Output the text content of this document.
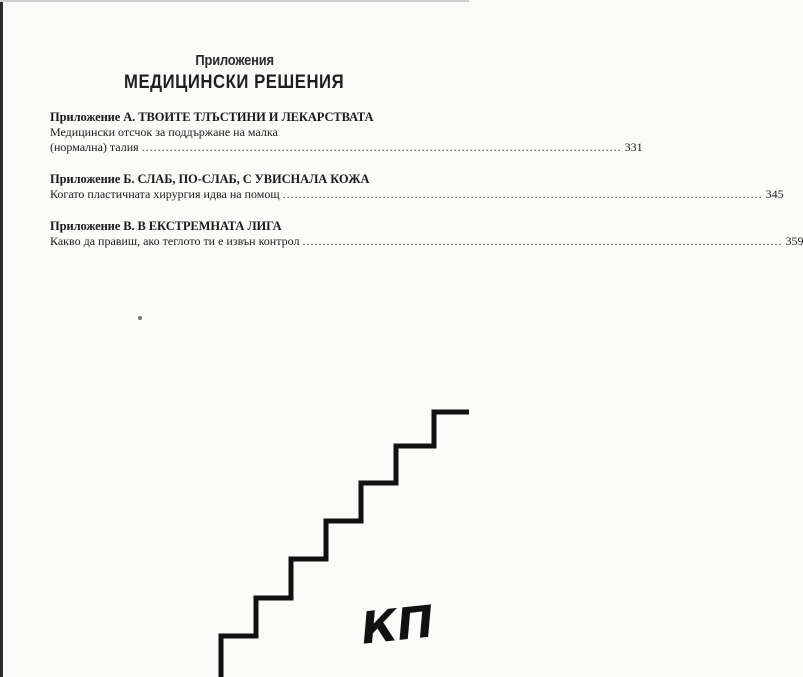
Приложения
МЕДИЦИНСКИ РЕШЕНИЯ
Приложение А. ТВОИТЕ ТЛЪСТИНИ И ЛЕКАРСТВАТА
Медицински отсчок за поддържане на малка
(нормална) талия ........................................................................................................................ 331
Приложение Б. СЛАБ, ПО-СЛАБ, С УВИСНАЛА КОЖА
Когато пластичната хирургия идва на помощ ........................................................................................................................ 345
Приложение В. В ЕКСТРЕМНАТА ЛИГА
Какво да правиш, ако теглото ти е извън контрол ........................................................................................................................ 359
КП
